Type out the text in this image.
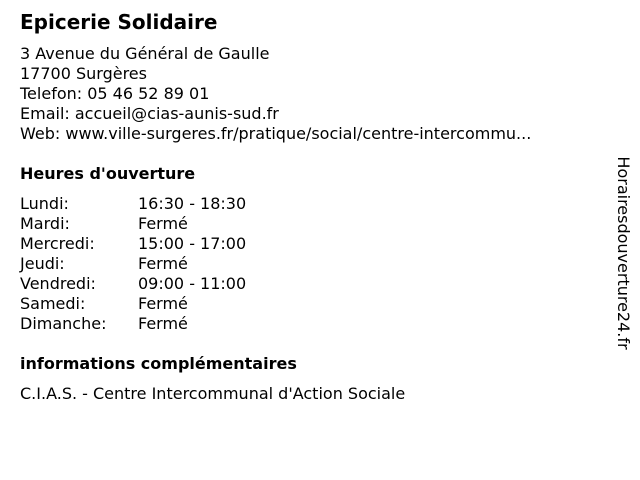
Epicerie Solidaire
3 Avenue du Général de Gaulle
17700 Surgères
Telefon: 05 46 52 89 01
Email: accueil@cias-aunis-sud.fr
Web: www.ville-surgeres.fr/pratique/social/centre-intercommu...
Heures d'ouverture
Lundi:	16:30 - 18:30
Mardi:	Fermé
Mercredi:	15:00 - 17:00
Jeudi:	Fermé
Vendredi:	09:00 - 11:00
Samedi:	Fermé
Dimanche:	Fermé
informations complémentaires
C.I.A.S. - Centre Intercommunal d'Action Sociale
Horairesdouverture24.fr
